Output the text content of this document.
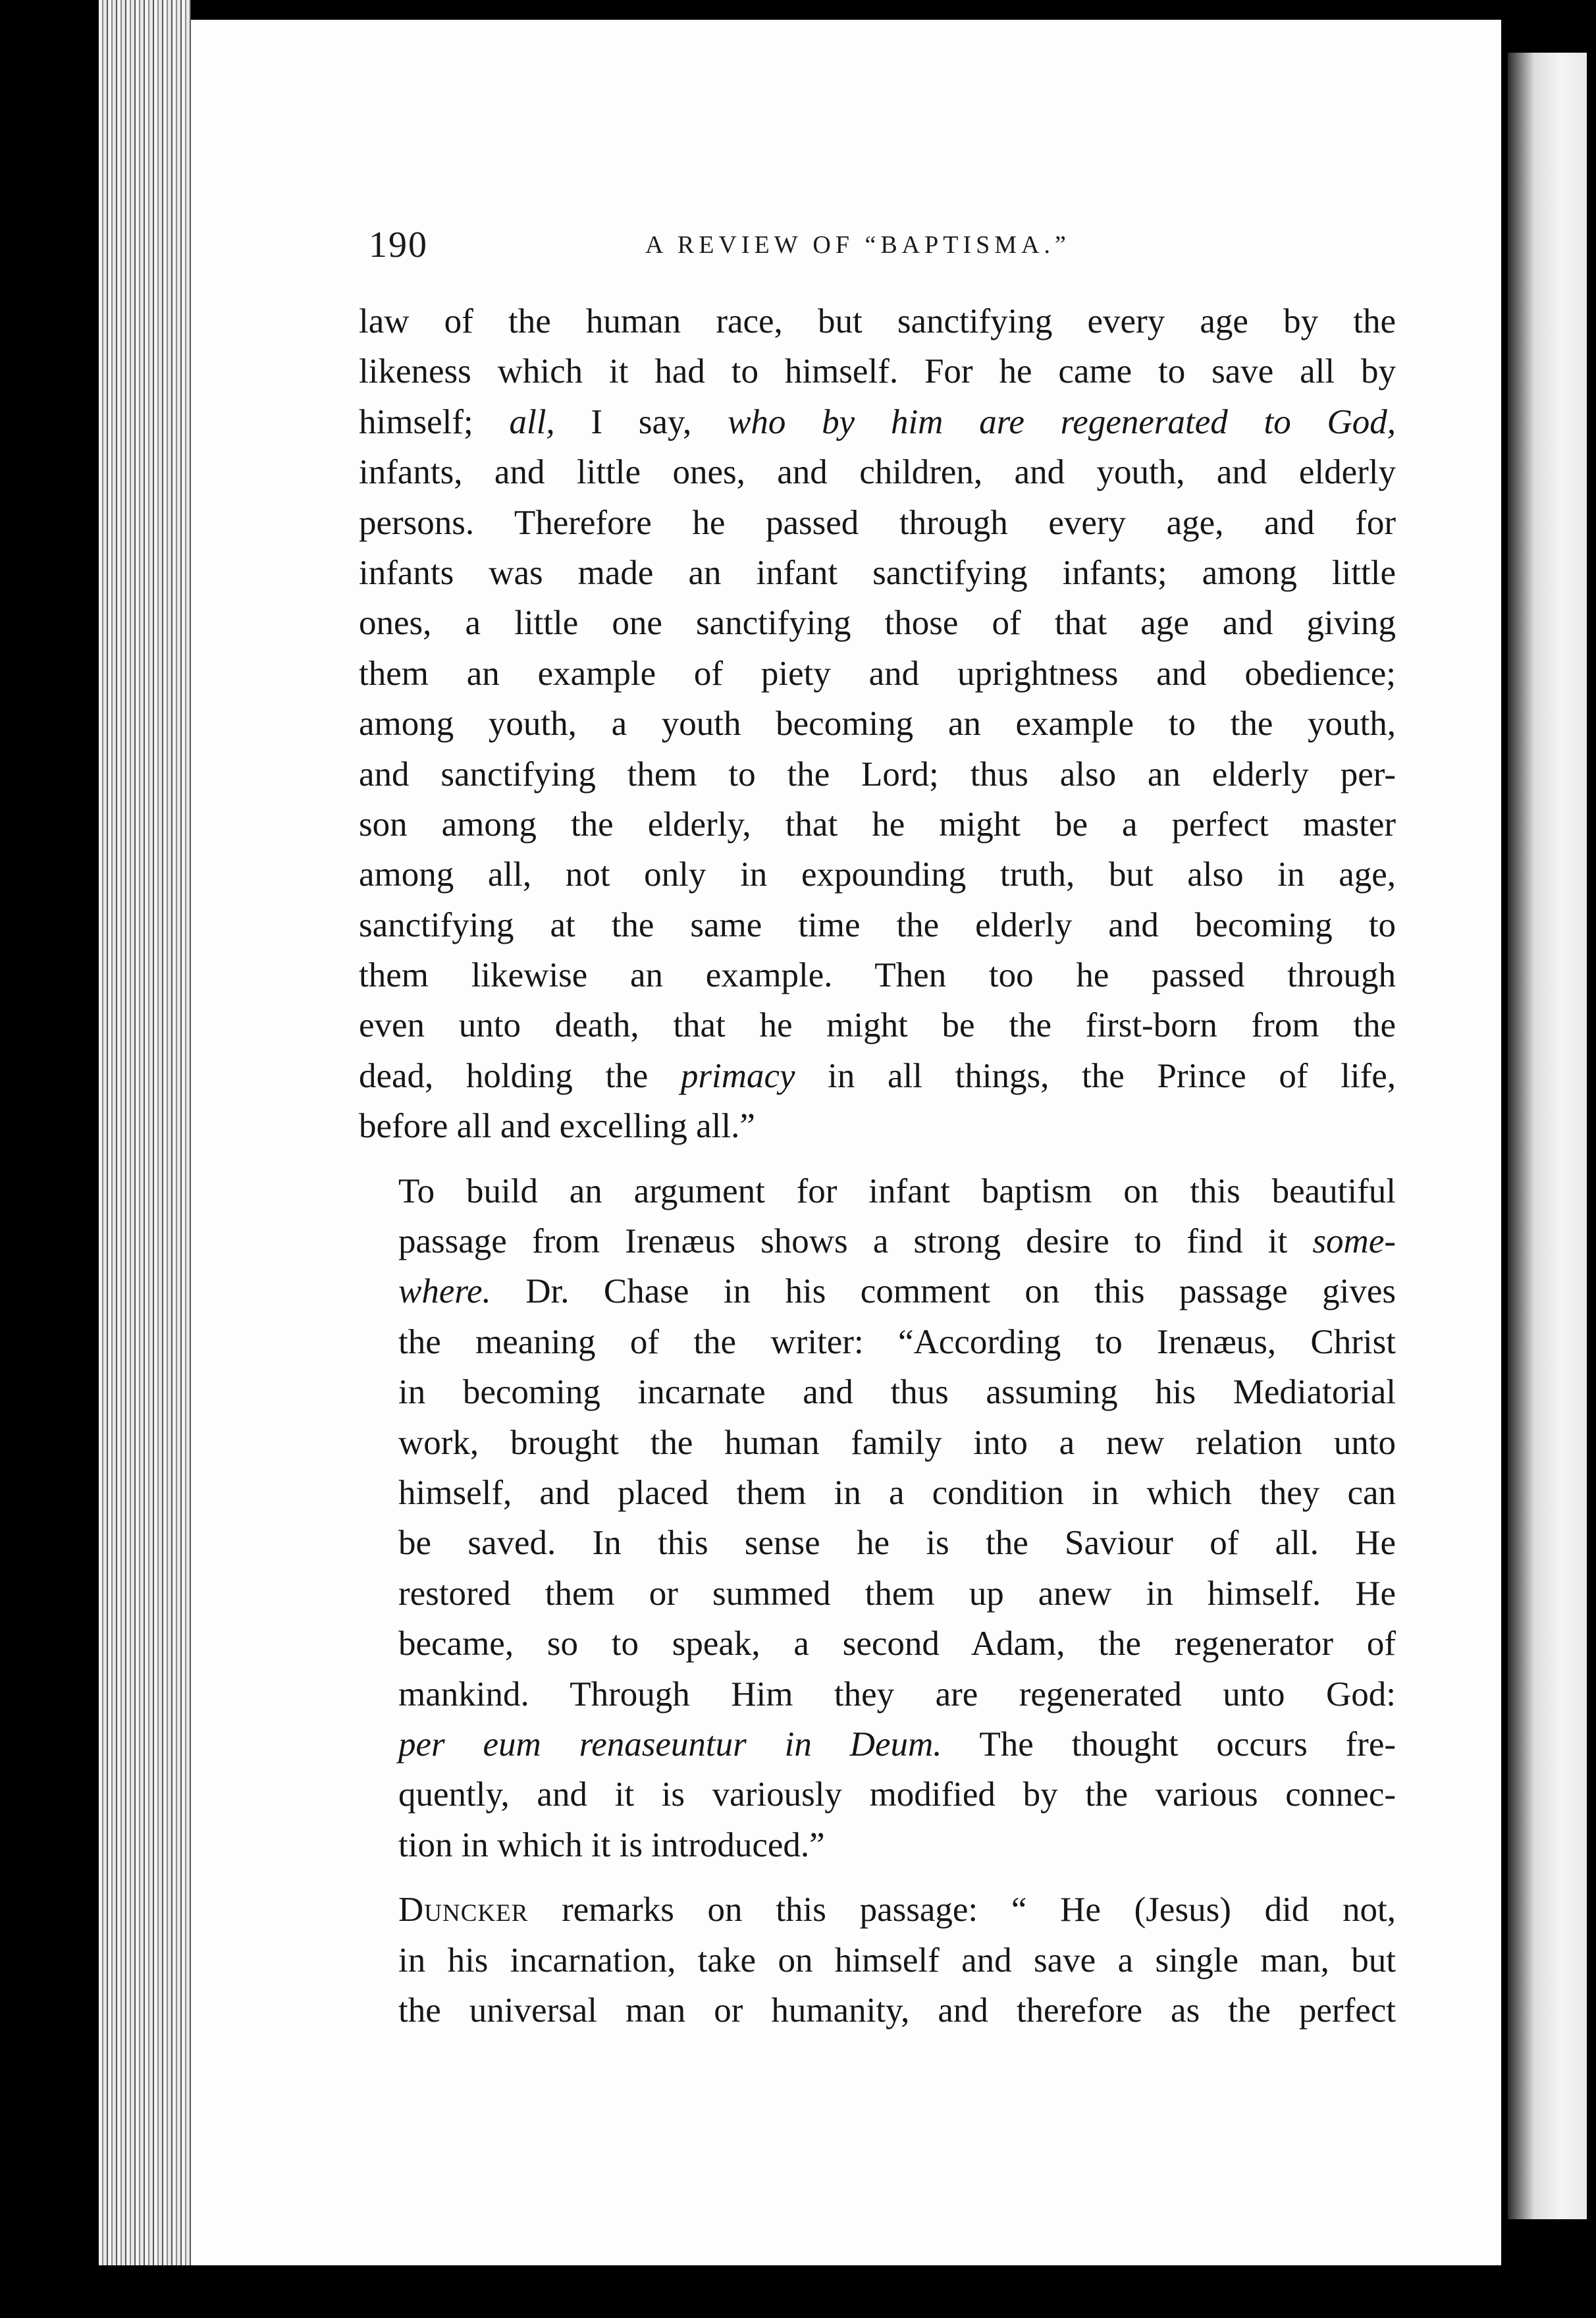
190	A REVIEW OF “BAPTISMA.”

law of the human race, but sanctifying every age by the
likeness which it had to himself. For he came to save all by
himself; all, I say, who by him are regenerated to God,
infants, and little ones, and children, and youth, and elderly
persons. Therefore he passed through every age, and for
infants was made an infant sanctifying infants; among little
ones, a little one sanctifying those of that age and giving
them an example of piety and uprightness and obedience;
among youth, a youth becoming an example to the youth,
and sanctifying them to the Lord; thus also an elderly per-
son among the elderly, that he might be a perfect master
among all, not only in expounding truth, but also in age,
sanctifying at the same time the elderly and becoming to
them likewise an example. Then too he passed through
even unto death, that he might be the first-born from the
dead, holding the primacy in all things, the Prince of life,
before all and excelling all.”

To build an argument for infant baptism on this beautiful
passage from Irenæus shows a strong desire to find it some-
where. Dr. Chase in his comment on this passage gives
the meaning of the writer: “According to Irenæus, Christ
in becoming incarnate and thus assuming his Mediatorial
work, brought the human family into a new relation unto
himself, and placed them in a condition in which they can
be saved. In this sense he is the Saviour of all. He
restored them or summed them up anew in himself. He
became, so to speak, a second Adam, the regenerator of
mankind. Through Him they are regenerated unto God:
per eum renaseuntur in Deum. The thought occurs fre-
quently, and it is variously modified by the various connec-
tion in which it is introduced.”

Duncker remarks on this passage: “ He (Jesus) did not,
in his incarnation, take on himself and save a single man, but
the universal man or humanity, and therefore as the perfect
